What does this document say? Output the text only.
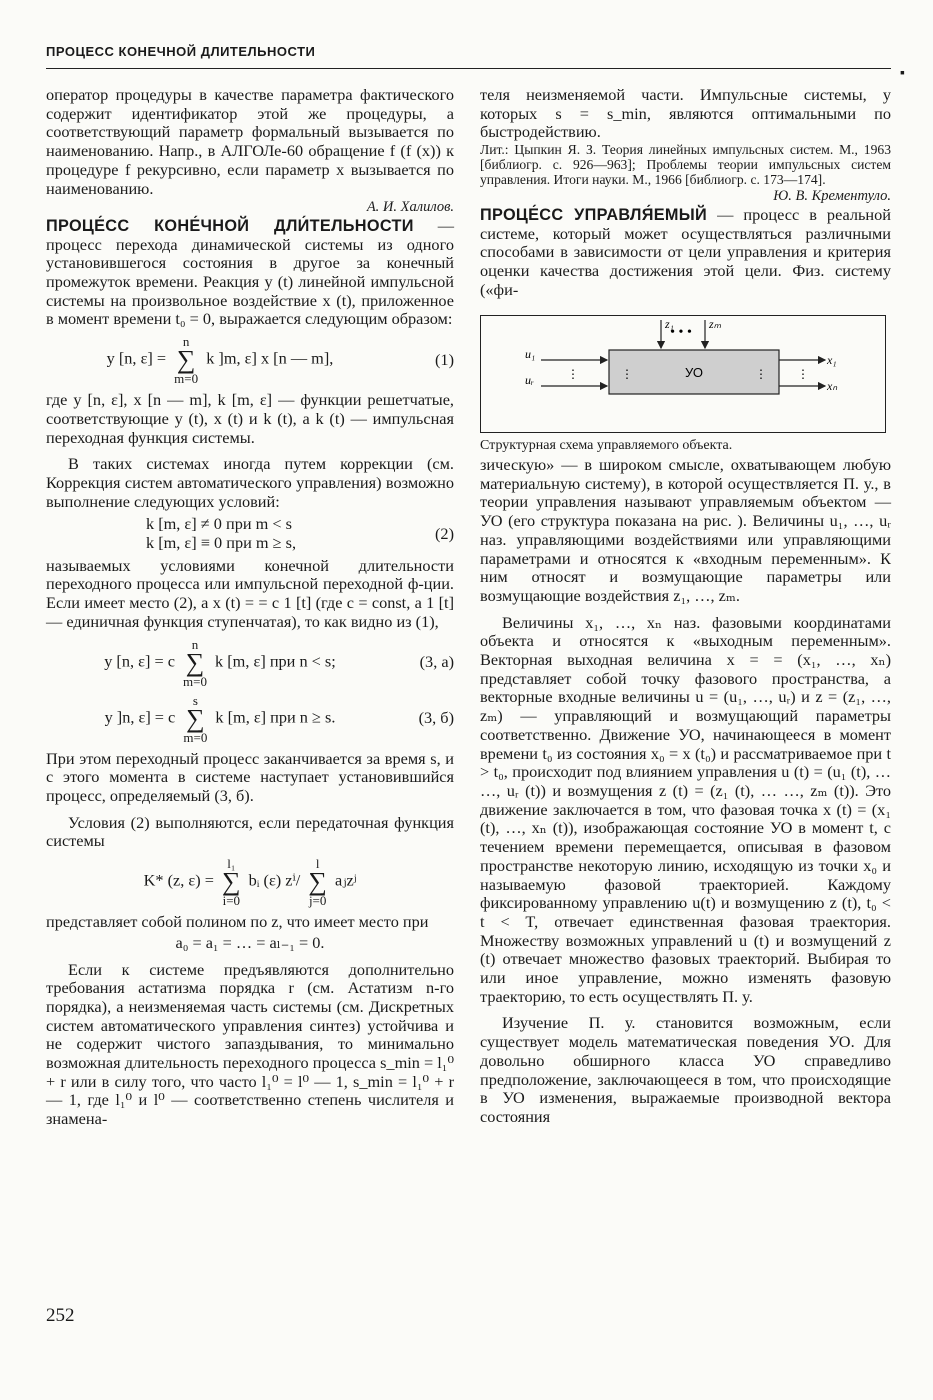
ПРОЦЕСС КОНЕЧНОЙ ДЛИТЕЛЬНОСТИ
▪

оператор процедуры в качестве параметра фактического содержит идентификатор этой же процедуры, а соответствующий параметр формальный вызывается по наименованию. Напр., в АЛГОЛе-60 обращение f (f (x)) к процедуре f рекурсивно, если параметр x вызывается по наименованию.

А. И. Халилов.

ПРОЦЕ́СС КОНЕ́ЧНОЙ ДЛИ́ТЕЛЬНОСТИ — процесс перехода динамической системы из одного установившегося состояния в другое за конечный промежуток времени. Реакция y (t) линейной импульсной системы на произвольное воздействие x (t), приложенное в момент времени t₀ = 0, выражается следующим образом:

y [n, ε] =
n
∑
m=0
k ]m, ε] x [n — m],	(1)

где y [n, ε], x [n — m], k [m, ε] — функции решетчатые, соответствующие y (t), x (t) и k (t), а k (t) — импульсная переходная функция системы.

В таких системах иногда путем коррекции (см. Коррекция систем автоматического управления) возможно выполнение следующих условий:

k [m, ε] ≠ 0 при m < s
k [m, ε] ≡ 0 при m ≥ s,	(2)

называемых условиями конечной длительности переходного процесса или импульсной переходной ф-ции. Если имеет место (2), а x (t) = = c 1 [t] (где c = const, а 1 [t] — единичная функция ступенчатая), то как видно из (1),

y [n, ε] = c
n
∑
m=0
k [m, ε] при n < s;	(3, а)
y ]n, ε] = c
s
∑
m=0
k [m, ε] при n ≥ s.	(3, б)

При этом переходный процесс заканчивается за время s, и с этого момента в системе наступает установившийся процесс, определяемый (3, б).

Условия (2) выполняются, если передаточная функция системы

K* (z, ε) =
l₁
∑
i=0
bᵢ (ε) zⁱ/
l
∑
j=0
aⱼzʲ

представляет собой полином по z, что имеет место при

a₀ = a₁ = … = aₗ₋₁ = 0.

Если к системе предъявляются дополнительно требования астатизма порядка r (см. Астатизм n-го порядка), а неизменяемая часть системы (см. Дискретных систем автоматического управления синтез) устойчива и не содержит чистого запаздывания, то минимально возможная длительность переходного процесса s_min = l₁⁰ + r или в силу того, что часто l₁⁰ = l⁰ — 1, s_min = l₁⁰ + r — 1, где l₁⁰ и l⁰ — соответственно степень числителя и знамена-

теля неизменяемой части. Импульсные системы, у которых s = s_min, являются оптимальными по быстродействию.

Лит.: Цыпкин Я. З. Теория линейных импульсных систем. М., 1963 [библиогр. с. 926—963]; Проблемы теории импульсных систем управления. Итоги науки. М., 1966 [библиогр. с. 173—174].

Ю. В. Крементуло.

ПРОЦЕ́СС УПРАВЛЯ́ЕМЫЙ — процесс в реальной системе, который может осуществляться различными способами в зависимости от цели управления и критерия оценки качества достижения этой цели. Физ. систему («фи-

• • •
⋮	⋮	⋮	⋮
z₁	zₘ
u₁
uᵣ
x₁
xₙ
УО

Структурная схема управляемого объекта.

зическую» — в широком смысле, охватывающем любую материальную систему), в которой осуществляется П. у., в теории управления называют управляемым объектом — УО (его структура показана на рис. ). Величины u₁, …, uᵣ наз. управляющими воздействиями или управляющими параметрами и относятся к «входным переменным». К ним относят и возмущающие параметры или возмущающие воздействия z₁, …, zₘ.

Величины x₁, …, xₙ наз. фазовыми координатами объекта и относятся к «выходным переменным». Векторная выходная величина x = = (x₁, …, xₙ) представляет собой точку фазового пространства, а векторные входные величины u = (u₁, …, uᵣ) и z = (z₁, …, zₘ) — управляющий и возмущающий параметры соответственно. Движение УО, начинающееся в момент времени t₀ из состояния x₀ = x (t₀) и рассматриваемое при t > t₀, происходит под влиянием управления u (t) = (u₁ (t), … …, uᵣ (t)) и возмущения z (t) = (z₁ (t), … …, zₘ (t)). Это движение заключается в том, что фазовая точка x (t) = (x₁ (t), …, xₙ (t)), изображающая состояние УО в момент t, с течением времени перемещается, описывая в фазовом пространстве некоторую линию, исходящую из точки x₀ и называемую фазовой траекторией. Каждому фиксированному управлению u(t) и возмущению z (t), t₀ < t < T, отвечает единственная фазовая траектория. Множеству возможных управлений u (t) и возмущений z (t) отвечает множество фазовых траекторий. Выбирая то или иное управление, можно изменять фазовую траекторию, то есть осуществлять П. у.

Изучение П. у. становится возможным, если существует модель математическая поведения УО. Для довольно обширного класса УО справедливо предположение, заключающееся в том, что происходящие в УО изменения, выражаемые производной вектора состояния

252
